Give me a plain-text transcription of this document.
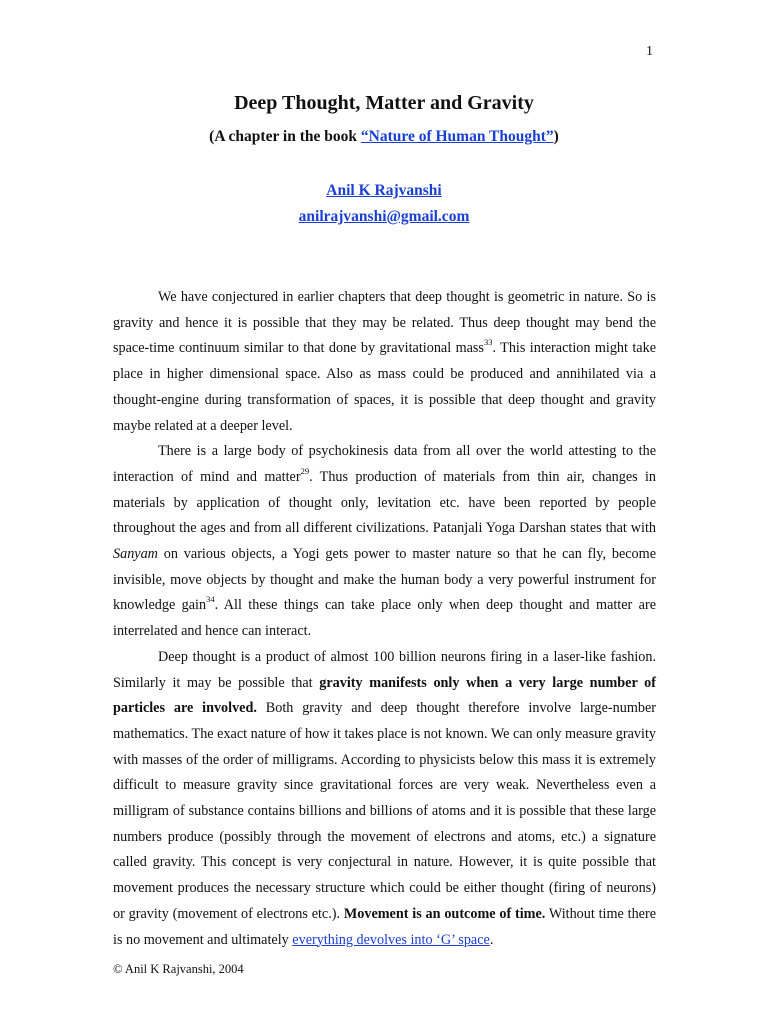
1
Deep Thought, Matter and Gravity
(A chapter in the book “Nature of Human Thought”)
Anil K Rajvanshi
anilrajvanshi@gmail.com

We have conjectured in earlier chapters that deep thought is geometric in nature. So is gravity and hence it is possible that they may be related. Thus deep thought may bend the space-time continuum similar to that done by gravitational mass$^{33}$. This interaction might take place in higher dimensional space. Also as mass could be produced and annihilated via a thought-engine during transformation of spaces, it is possible that deep thought and gravity maybe related at a deeper level.

There is a large body of psychokinesis data from all over the world attesting to the interaction of mind and matter$^{29}$. Thus production of materials from thin air, changes in materials by application of thought only, levitation etc. have been reported by people throughout the ages and from all different civilizations. Patanjali Yoga Darshan states that with Sanyam on various objects, a Yogi gets power to master nature so that he can fly, become invisible, move objects by thought and make the human body a very powerful instrument for knowledge gain$^{34}$. All these things can take place only when deep thought and matter are interrelated and hence can interact.

Deep thought is a product of almost 100 billion neurons firing in a laser-like fashion. Similarly it may be possible that gravity manifests only when a very large number of particles are involved. Both gravity and deep thought therefore involve large-number mathematics. The exact nature of how it takes place is not known. We can only measure gravity with masses of the order of milligrams. According to physicists below this mass it is extremely difficult to measure gravity since gravitational forces are very weak. Nevertheless even a milligram of substance contains billions and billions of atoms and it is possible that these large numbers produce (possibly through the movement of electrons and atoms, etc.) a signature called gravity. This concept is very conjectural in nature. However, it is quite possible that movement produces the necessary structure which could be either thought (firing of neurons) or gravity (movement of electrons etc.). Movement is an outcome of time. Without time there is no movement and ultimately everything devolves into ‘G’ space.

© Anil K Rajvanshi, 2004
